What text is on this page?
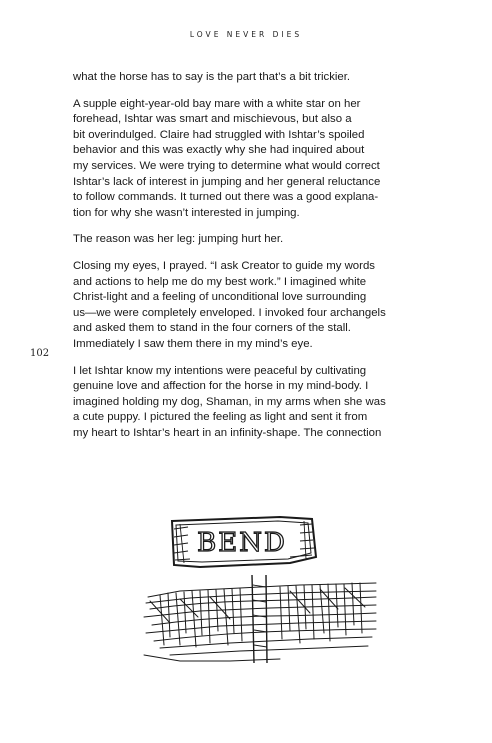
LOVE NEVER DIES
102

what the horse has to say is the part that’s a bit trickier.

A supple eight-year-old bay mare with a white star on her
forehead, Ishtar was smart and mischievous, but also a
bit overindulged. Claire had struggled with Ishtar’s spoiled
behavior and this was exactly why she had inquired about
my services. We were trying to determine what would correct
Ishtar’s lack of interest in jumping and her general reluctance
to follow commands. It turned out there was a good explana-
tion for why she wasn’t interested in jumping.

The reason was her leg: jumping hurt her.

Closing my eyes, I prayed. “I ask Creator to guide my words
and actions to help me do my best work.” I imagined white
Christ-light and a feeling of unconditional love surrounding
us—we were completely enveloped. I invoked four archangels
and asked them to stand in the four corners of the stall.
Immediately I saw them there in my mind’s eye.

I let Ishtar know my intentions were peaceful by cultivating
genuine love and affection for the horse in my mind-body. I
imagined holding my dog, Shaman, in my arms when she was
a cute puppy. I pictured the feeling as light and sent it from
my heart to Ishtar’s heart in an infinity-shape. The connection

BEND
